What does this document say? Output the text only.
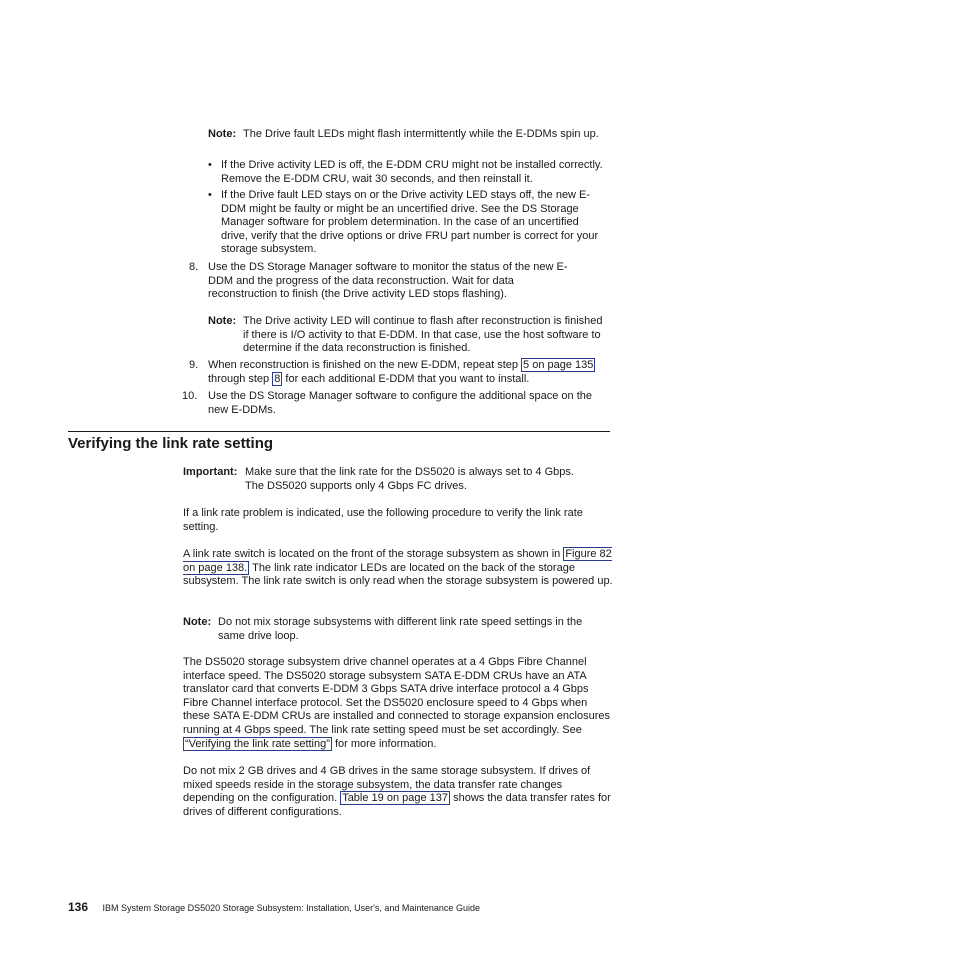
Note: The Drive fault LEDs might flash intermittently while the E-DDMs spin up.
• If the Drive activity LED is off, the E-DDM CRU might not be installed correctly. Remove the E-DDM CRU, wait 30 seconds, and then reinstall it.
• If the Drive fault LED stays on or the Drive activity LED stays off, the new E-DDM might be faulty or might be an uncertified drive. See the DS Storage Manager software for problem determination. In the case of an uncertified drive, verify that the drive options or drive FRU part number is correct for your storage subsystem.
8. Use the DS Storage Manager software to monitor the status of the new E-DDM and the progress of the data reconstruction. Wait for data reconstruction to finish (the Drive activity LED stops flashing).
Note: The Drive activity LED will continue to flash after reconstruction is finished if there is I/O activity to that E-DDM. In that case, use the host software to determine if the data reconstruction is finished.
9. When reconstruction is finished on the new E-DDM, repeat step 5 on page 135
through step 8 for each additional E-DDM that you want to install.
10. Use the DS Storage Manager software to configure the additional space on the new E-DDMs.
Verifying the link rate setting
Important: Make sure that the link rate for the DS5020 is always set to 4 Gbps. The DS5020 supports only 4 Gbps FC drives.

If a link rate problem is indicated, use the following procedure to verify the link rate setting.

A link rate switch is located on the front of the storage subsystem as shown in Figure 82 on page 138. The link rate indicator LEDs are located on the back of the storage subsystem. The link rate switch is only read when the storage subsystem is powered up.
Note: Do not mix storage subsystems with different link rate speed settings in the same drive loop.
The DS5020 storage subsystem drive channel operates at a 4 Gbps Fibre Channel interface speed. The DS5020 storage subsystem SATA E-DDM CRUs have an ATA translator card that converts E-DDM 3 Gbps SATA drive interface protocol a 4 Gbps Fibre Channel interface protocol. Set the DS5020 enclosure speed to 4 Gbps when these SATA E-DDM CRUs are installed and connected to storage expansion enclosures running at 4 Gbps speed. The link rate setting speed must be set accordingly. See “Verifying the link rate setting” for more information.
Do not mix 2 GB drives and 4 GB drives in the same storage subsystem. If drives of mixed speeds reside in the storage subsystem, the data transfer rate changes depending on the configuration. Table 19 on page 137 shows the data transfer rates for drives of different configurations.
136 IBM System Storage DS5020 Storage Subsystem: Installation, User's, and Maintenance Guide
